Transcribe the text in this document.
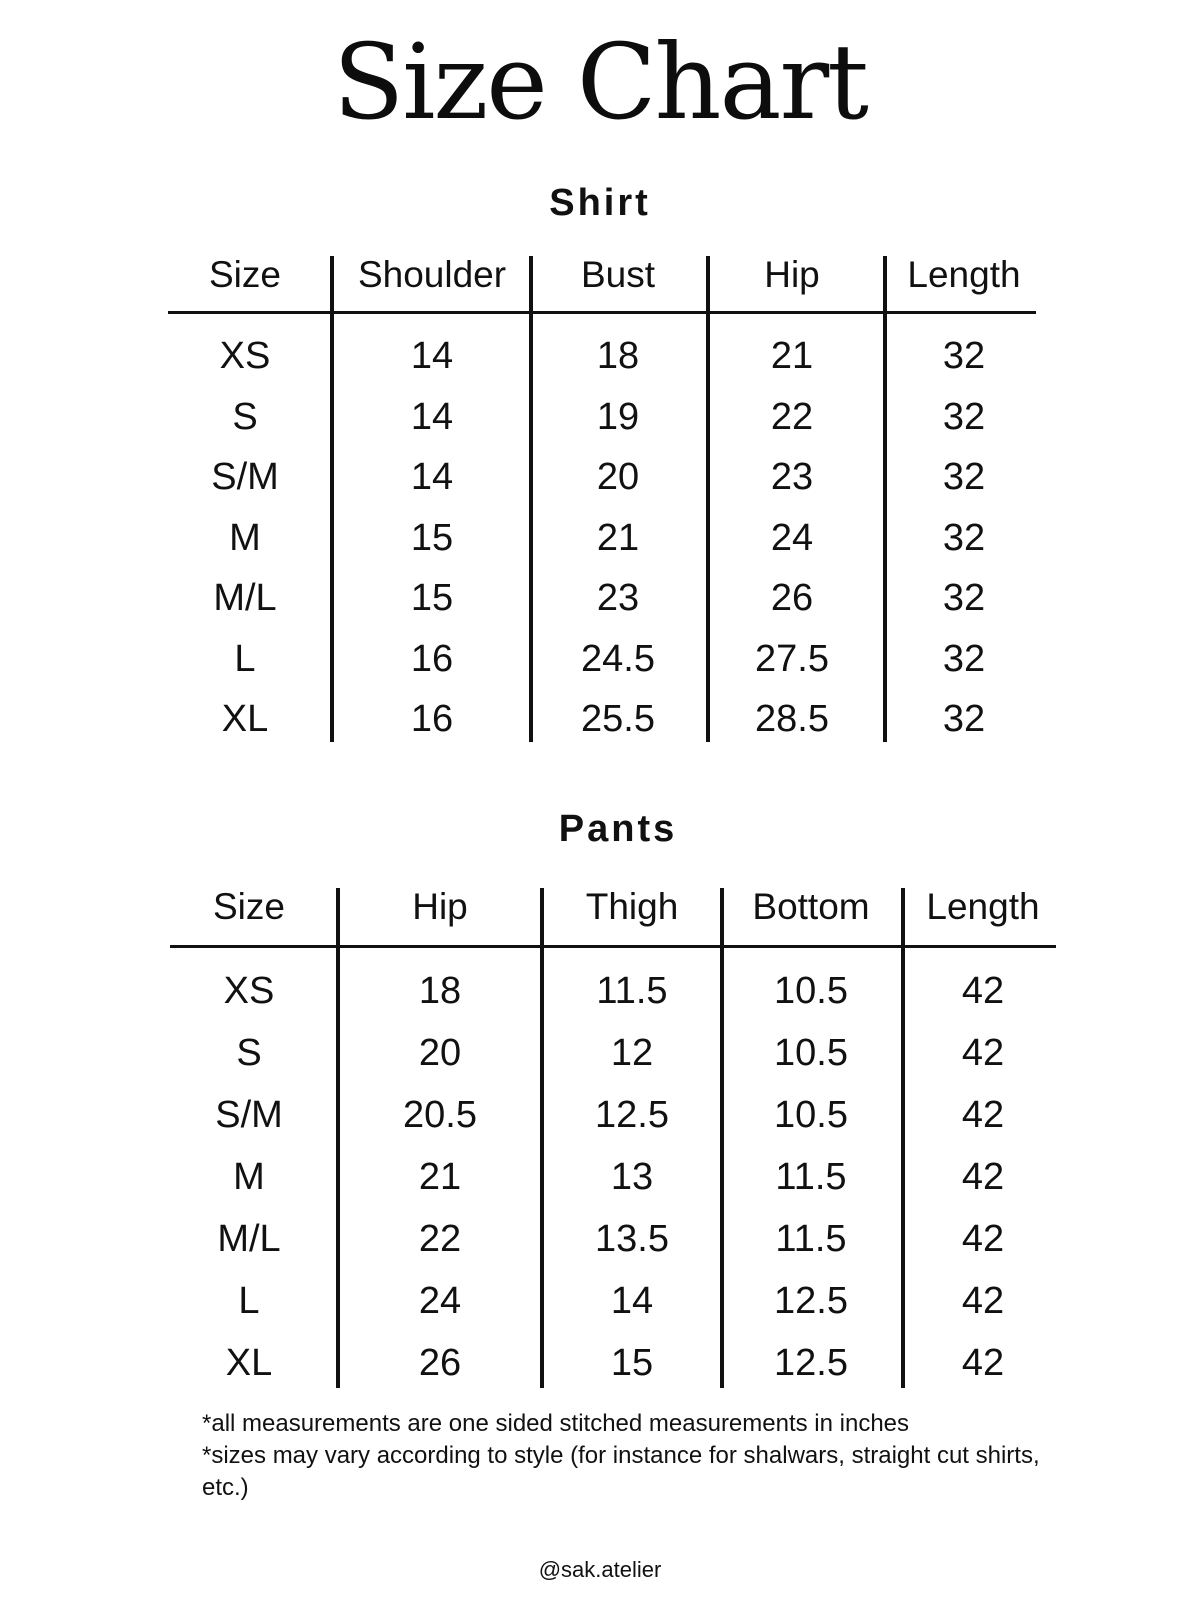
Size Chart
Shirt
Size	Shoulder	Bust	Hip	Length
XS	14	18	21	32
S	14	19	22	32
S/M	14	20	23	32
M	15	21	24	32
M/L	15	23	26	32
L	16	24.5	27.5	32
XL	16	25.5	28.5	32
Pants
Size	Hip	Thigh	Bottom	Length
XS	18	11.5	10.5	42
S	20	12	10.5	42
S/M	20.5	12.5	10.5	42
M	21	13	11.5	42
M/L	22	13.5	11.5	42
L	24	14	12.5	42
XL	26	15	12.5	42
*all measurements are one sided stitched measurements in inches
*sizes may vary according to style (for instance for shalwars, straight cut shirts, etc.)
@sak.atelier
